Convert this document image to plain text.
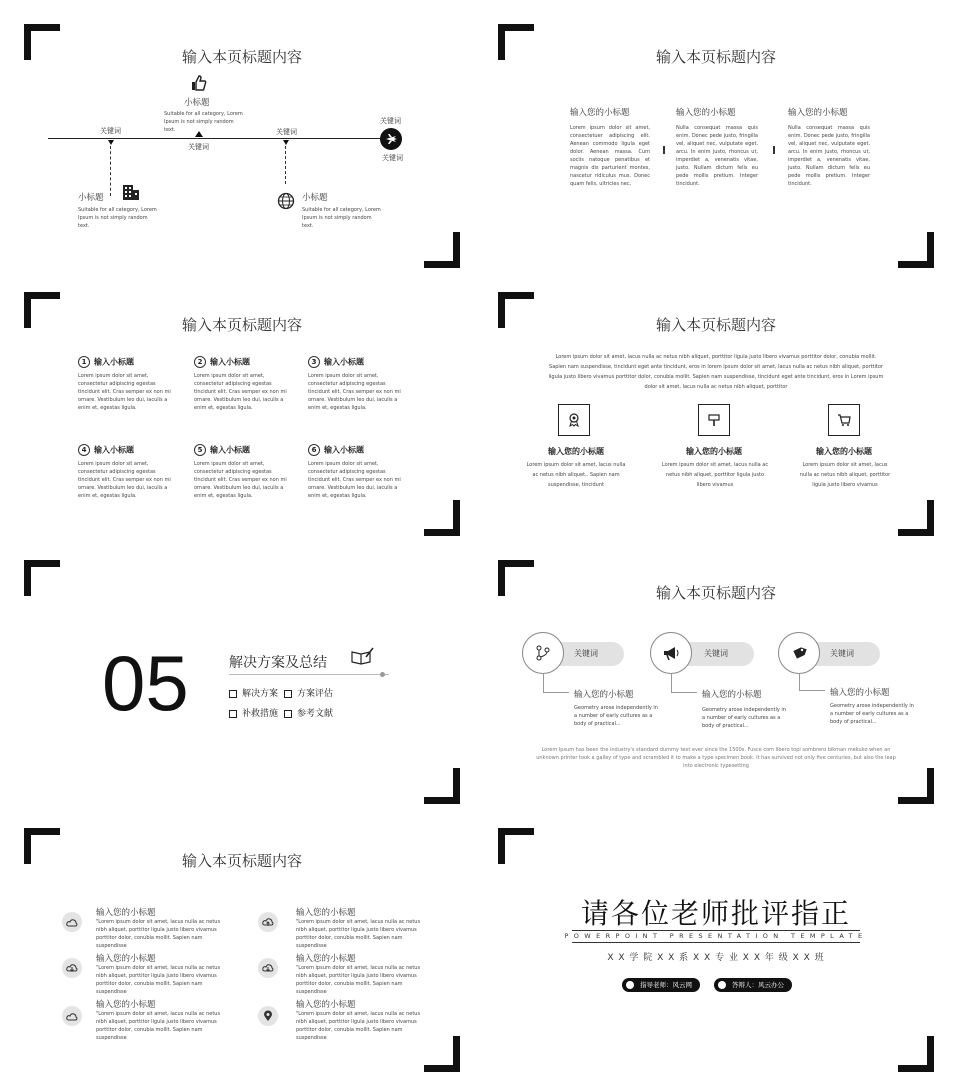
输入本页标题内容
小标题
Suitable for all category, Lorem Ipsum is not simply random text.
关键词
关键词	关键词
关键词
关键词
小标题
Suitable for all category, Lorem Ipsum is not simply random text.
小标题
Suitable for all category, Lorem Ipsum is not simply random text.
输入本页标题内容
输入您的小标题
Lorem ipsum dolor sit amet, consectetuer adipiscing elit. Aenean commodo ligula eget dolor. Aenean massa. Cum sociis natoque penatibus et magnis dis parturient montes, nascetur ridiculus mus. Donec quam felis, ultricies nec,
输入您的小标题
Nulla consequat massa quis enim. Donec pede justo, fringilla vel, aliquet nec, vulputate eget, arcu. In enim justo, rhoncus ut, imperdiet a, venenatis vitae, justo. Nullam dictum felis eu pede mollis pretium. Integer tincidunt.
输入您的小标题
Nulla consequat massa quis enim. Donec pede justo, fringilla vel, aliquet nec, vulputate eget, arcu. In enim justo, rhoncus ut, imperdiet a, venenatis vitae, justo. Nullam dictum felis eu pede mollis pretium. Integer tincidunt.
输入本页标题内容
1 输入小标题
Lorem ipsum dolor sit amet, consectetur adipiscing egestas tincidunt elit. Cras semper ex non mi ornare. Vestibulum leo dui, iaculis a enim et, egestas ligula.
2 输入小标题
Lorem ipsum dolor sit amet, consectetur adipiscing egestas tincidunt elit. Cras semper ex non mi ornare. Vestibulum leo dui, iaculis a enim et, egestas ligula.
3 输入小标题
Lorem ipsum dolor sit amet, consectetur adipiscing egestas tincidunt elit. Cras semper ex non mi ornare. Vestibulum leo dui, iaculis a enim et, egestas ligula.
4 输入小标题
Lorem ipsum dolor sit amet, consectetur adipiscing egestas tincidunt elit. Cras semper ex non mi ornare. Vestibulum leo dui, iaculis a enim et, egestas ligula.
5 输入小标题
Lorem ipsum dolor sit amet, consectetur adipiscing egestas tincidunt elit. Cras semper ex non mi ornare. Vestibulum leo dui, iaculis a enim et, egestas ligula.
6 输入小标题
Lorem ipsum dolor sit amet, consectetur adipiscing egestas tincidunt elit. Cras semper ex non mi ornare. Vestibulum leo dui, iaculis a enim et, egestas ligula.
输入本页标题内容
Lorem ipsum dolor sit amet, lacus nulla ac netus nibh aliquet, porttitor ligula justo libero vivamus porttitor dolor, conubia mollit. Sapien nam suspendisse, tincidunt eget ante tincidunt, eros in lorem ipsum dolor sit amet, lacus nulla ac netus nibh aliquet, porttitor ligula justo libero vivamus porttitor dolor, conubia mollit. Sapien nam suspendisse, tincidunt eget ante tincidunt, eros in Lorem ipsum dolor sit amet, lacus nulla ac netus nibh aliquet, porttitor
输入您的小标题
Lorem ipsum dolor sit amet, lacus nulla ac netus nibh aliquet,. Sapien nam suspendisse, tincidunt
输入您的小标题
Lorem ipsum dolor sit amet, lacus nulla ac netus nibh aliquet, porttitor ligula justo libero vivamus
输入您的小标题
Lorem ipsum dolor sit amet, lacus nulla ac netus nibh aliquet, porttitor ligula justo libero vivamus
05	解决方案及总结
解决方案	方案评估
补救措施	参考文献
输入本页标题内容
关键词	关键词	关键词
输入您的小标题
Geometry arose independently in a number of early cultures as a body of practical...
输入您的小标题
Geometry arose independently in a number of early cultures as a body of practical...
输入您的小标题
Geometry arose independently in a number of early cultures as a body of practical...
Lorem Ipsum has been the industry's standard dummy text ever since the 1500s. Fusce com libero topi sombrero bikman mekuko when an unknown printer took a galley of type and scrambled it to make a type specimen book. It has survived not only five centuries, but also the leap into electronic typesetting
输入本页标题内容
输入您的小标题
"Lorem ipsum dolor sit amet, lacus nulla ac netus nibh aliquet, porttitor ligula justo libero vivamus porttitor dolor, conubia mollit. Sapien nam suspendisse
输入您的小标题
"Lorem ipsum dolor sit amet, lacus nulla ac netus nibh aliquet, porttitor ligula justo libero vivamus porttitor dolor, conubia mollit. Sapien nam suspendisse
输入您的小标题
"Lorem ipsum dolor sit amet, lacus nulla ac netus nibh aliquet, porttitor ligula justo libero vivamus porttitor dolor, conubia mollit. Sapien nam suspendisse
输入您的小标题
"Lorem ipsum dolor sit amet, lacus nulla ac netus nibh aliquet, porttitor ligula justo libero vivamus porttitor dolor, conubia mollit. Sapien nam suspendisse
输入您的小标题
"Lorem ipsum dolor sit amet, lacus nulla ac netus nibh aliquet, porttitor ligula justo libero vivamus porttitor dolor, conubia mollit. Sapien nam suspendisse
输入您的小标题
"Lorem ipsum dolor sit amet, lacus nulla ac netus nibh aliquet, porttitor ligula justo libero vivamus porttitor dolor, conubia mollit. Sapien nam suspendisse
请各位老师批评指正
POWERPOINT PRESENTATION TEMPLATE
X X 学 院 X X 系 X X 专 业 X X 年 级 X X 班
指导老师：风云网	答辩人：风云办公
